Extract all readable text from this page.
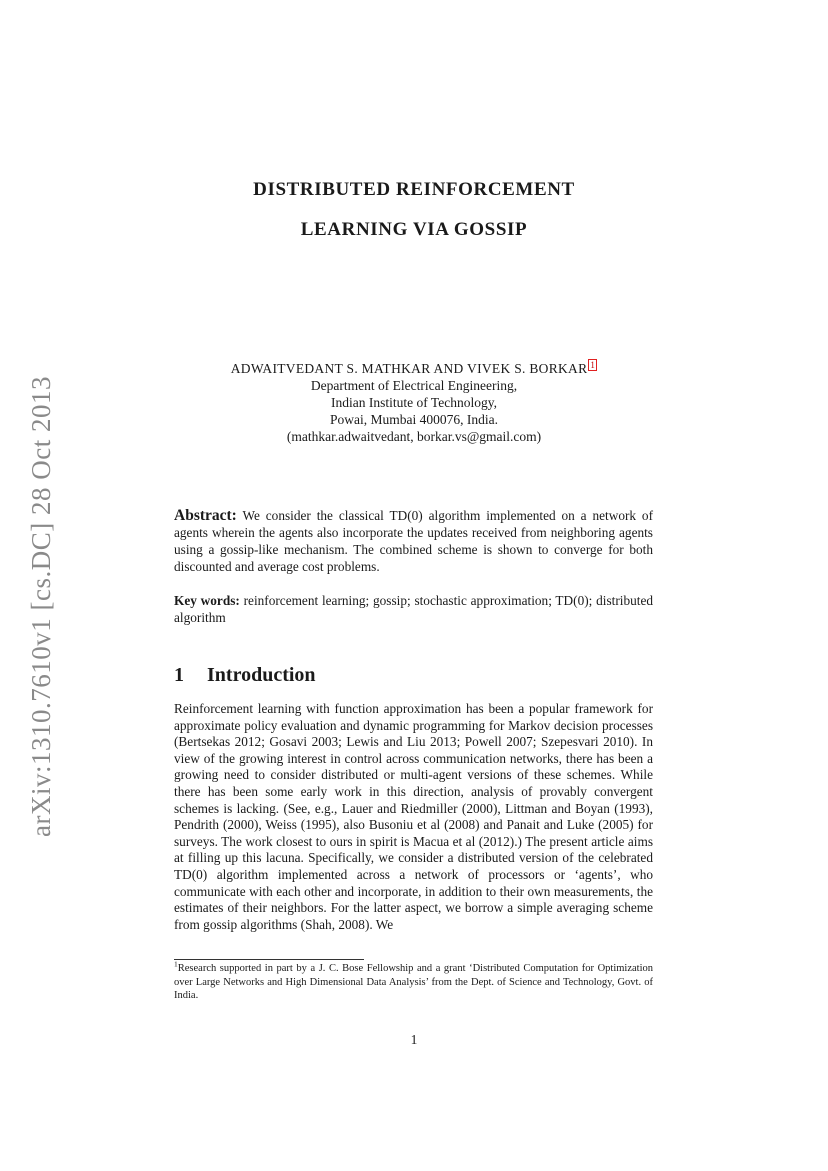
arXiv:1310.7610v1 [cs.DC] 28 Oct 2013
DISTRIBUTED REINFORCEMENT
LEARNING VIA GOSSIP
ADWAITVEDANT S. MATHKAR AND VIVEK S. BORKAR $^1$
Department of Electrical Engineering,
Indian Institute of Technology,
Powai, Mumbai 400076, India.
(mathkar.adwaitvedant, borkar.vs@gmail.com)
Abstract: We consider the classical TD(0) algorithm implemented on a network of agents wherein the agents also incorporate the updates received from neighboring agents using a gossip-like mechanism. The combined scheme is shown to converge for both discounted and average cost problems.
Key words: reinforcement learning; gossip; stochastic approximation; TD(0); distributed algorithm
1 Introduction
Reinforcement learning with function approximation has been a popular framework for approximate policy evaluation and dynamic programming for Markov decision processes (Bertsekas 2012; Gosavi 2003; Lewis and Liu 2013; Powell 2007; Szepesvari 2010). In view of the growing interest in control across communication networks, there has been a growing need to consider distributed or multi-agent versions of these schemes. While there has been some early work in this direction, analysis of provably convergent schemes is lacking. (See, e.g., Lauer and Riedmiller (2000), Littman and Boyan (1993), Pendrith (2000), Weiss (1995), also Busoniu et al (2008) and Panait and Luke (2005) for surveys. The work closest to ours in spirit is Macua et al (2012).) The present article aims at filling up this lacuna. Specifically, we consider a distributed version of the celebrated TD(0) algorithm implemented across a network of processors or ‘agents’, who communicate with each other and incorporate, in addition to their own measurements, the estimates of their neighbors. For the latter aspect, we borrow a simple averaging scheme from gossip algorithms (Shah, 2008). We
$^1$Research supported in part by a J. C. Bose Fellowship and a grant ‘Distributed Computation for Optimization over Large Networks and High Dimensional Data Analysis’ from the Dept. of Science and Technology, Govt. of India.
1
